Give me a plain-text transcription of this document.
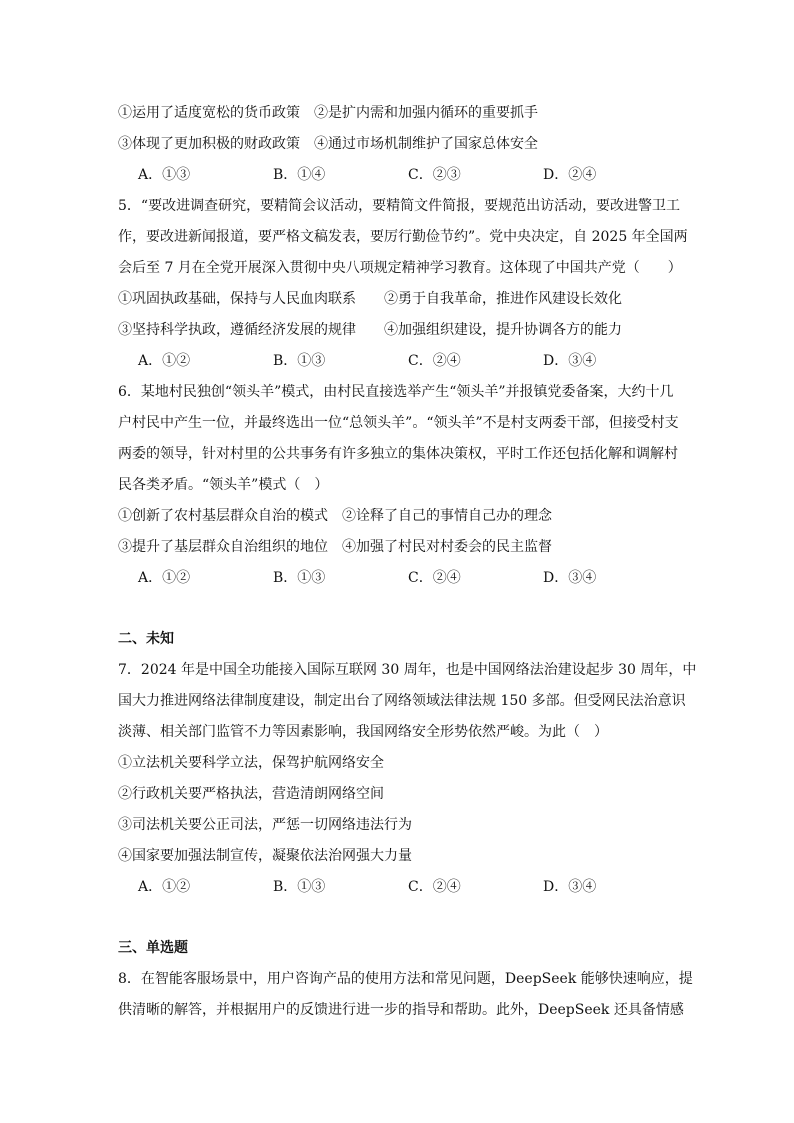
①运用了适度宽松的货币政策　②是扩内需和加强内循环的重要抓手
③体现了更加积极的财政政策　④通过市场机制维护了国家总体安全
A．①③	B．①④	C．②③	D．②④
5．“要改进调查研究，要精简会议活动，要精简文件简报，要规范出访活动，要改进警卫工
作，要改进新闻报道，要严格文稿发表，要厉行勤俭节约”。党中央决定，自 2025 年全国两
会后至 7 月在全党开展深入贯彻中央八项规定精神学习教育。这体现了中国共产党（　　）
①巩固执政基础，保持与人民血肉联系　　②勇于自我革命，推进作风建设长效化
③坚持科学执政，遵循经济发展的规律　　④加强组织建设，提升协调各方的能力
A．①②	B．①③	C．②④	D．③④
6．某地村民独创“领头羊”模式，由村民直接选举产生“领头羊”并报镇党委备案，大约十几
户村民中产生一位，并最终选出一位“总领头羊”。“领头羊”不是村支两委干部，但接受村支
两委的领导，针对村里的公共事务有许多独立的集体决策权，平时工作还包括化解和调解村
民各类矛盾。“领头羊”模式（　）
①创新了农村基层群众自治的模式　②诠释了自己的事情自己办的理念
③提升了基层群众自治组织的地位　④加强了村民对村委会的民主监督
A．①②	B．①③	C．②④	D．③④
二、未知
7．2024 年是中国全功能接入国际互联网 30 周年，也是中国网络法治建设起步 30 周年，中
国大力推进网络法律制度建设，制定出台了网络领域法律法规 150 多部。但受网民法治意识
淡薄、相关部门监管不力等因素影响，我国网络安全形势依然严峻。为此（　）
①立法机关要科学立法，保驾护航网络安全
②行政机关要严格执法，营造清朗网络空间
③司法机关要公正司法，严惩一切网络违法行为
④国家要加强法制宣传，凝聚依法治网强大力量
A．①②	B．①③	C．②④	D．③④
三、单选题
8．在智能客服场景中，用户咨询产品的使用方法和常见问题，DeepSeek 能够快速响应，提
供清晰的解答，并根据用户的反馈进行进一步的指导和帮助。此外，DeepSeek 还具备情感
